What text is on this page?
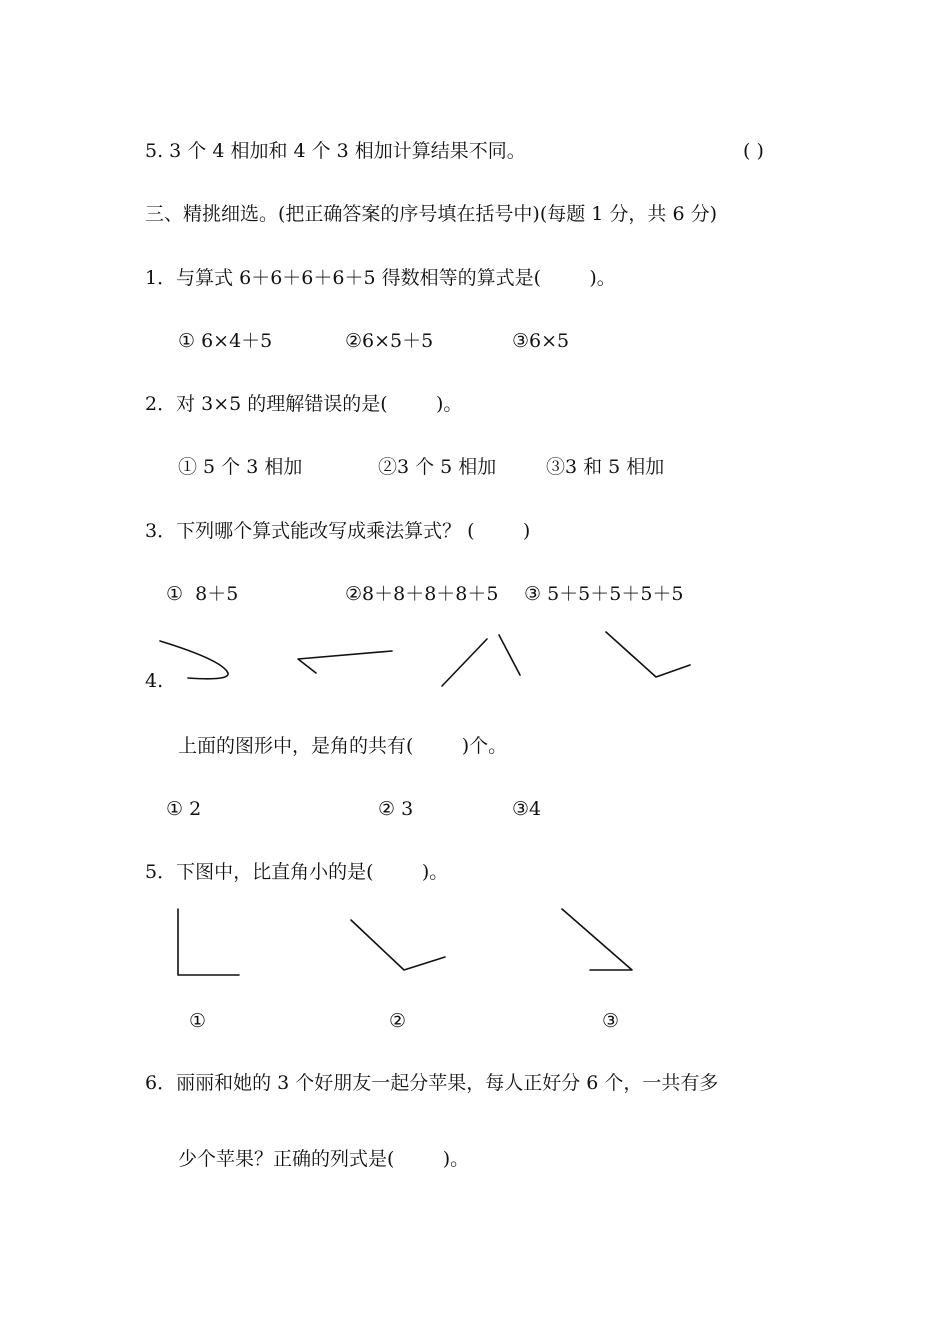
5. 3 个 4 相加和 4 个 3 相加计算结果不同。	( )
三、精挑细选。(把正确答案的序号填在括号中)(每题 1 分，共 6 分)
1．与算式 6＋6＋6＋6＋5 得数相等的算式是(        )。
① 6×4＋5	②6×5＋5	③6×5
2．对 3×5 的理解错误的是(        )。
① 5 个 3 相加	②3 个 5 相加	③3 和 5 相加
3．下列哪个算式能改写成乘法算式？ (        )
①  8＋5	②8＋8＋8＋8＋5 ③ 5＋5＋5＋5＋5
4.
上面的图形中，是角的共有(        )个。
① 2	② 3	③4
5．下图中，比直角小的是(        )。
①	②	③
6．丽丽和她的 3 个好朋友一起分苹果，每人正好分 6 个，一共有多
少个苹果？正确的列式是(        )。
